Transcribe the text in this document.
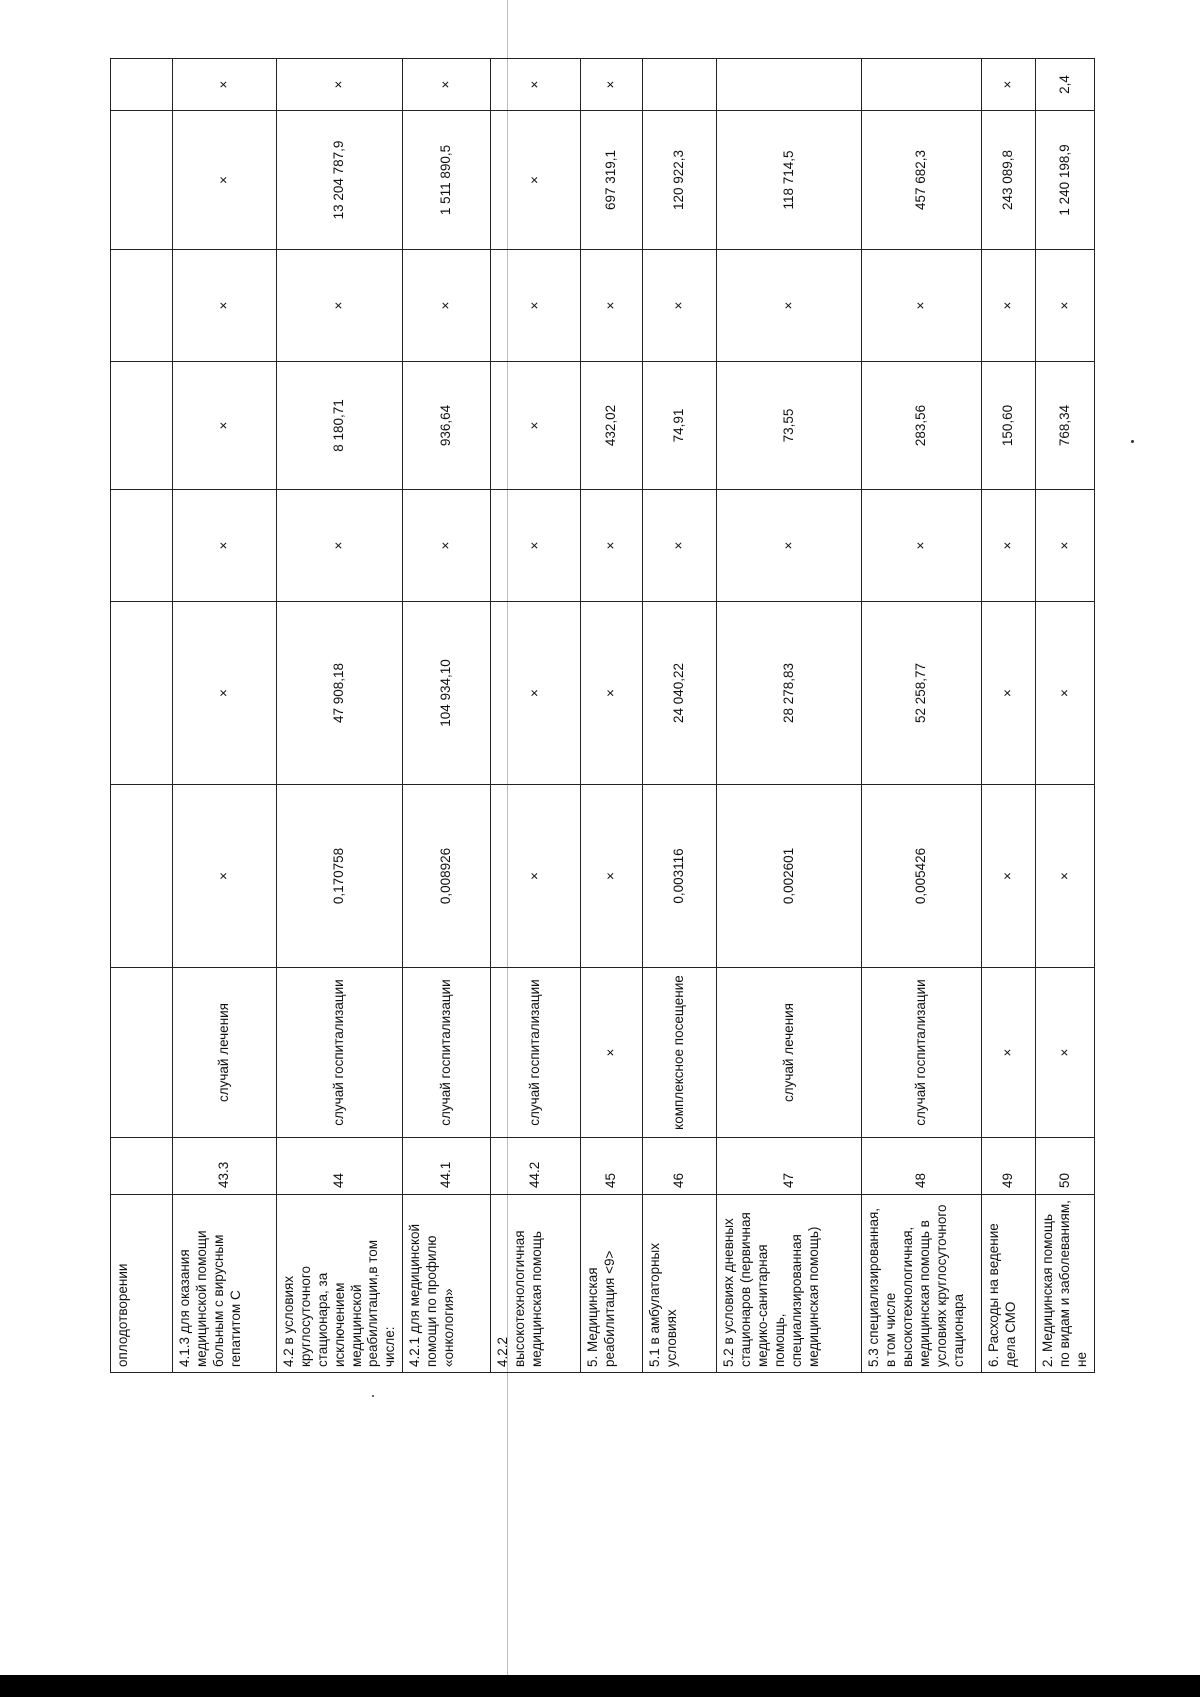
оплодотворении									
4.1.3 для оказания медицинской помощи больным с вирусным гепатитом С	43.3	случай лечения	×	×	×	×	×	×	×
4.2 в условиях круглосуточного стационара, за исключением медицинской реабилитации,в том числе:	44	случай госпитализации	0,170758	47 908,18	×	8 180,71	×	13 204 787,9	×
4.2.1 для медицинской помощи по профилю «онкология»	44.1	случай госпитализации	0,008926	104 934,10	×	936,64	×	1 511 890,5	×
4.2.2 высокотехнологичная медицинская помощь	44.2	случай госпитализации	×	×	×	×	×	×	×
5. Медицинская реабилитация <9>	45	×	×	×	×	432,02	×	697 319,1	×
5.1 в амбулаторных условиях	46	комплексное посещение	0,003116	24 040,22	×	74,91	×	120 922,3	
5.2 в условиях дневных стационаров (первичная медико-санитарная помощь, специализированная медицинская помощь)	47	случай лечения	0,002601	28 278,83	×	73,55	×	118 714,5	
5.3 специализированная, в том числе высокотехнологичная, медицинская помощь в условиях круглосуточного стационара	48	случай госпитализации	0,005426	52 258,77	×	283,56	×	457 682,3	
6. Расходы на ведение дела СМО	49	×	×	×	×	150,60	×	243 089,8	×
2. Медицинская помощь по видам и заболеваниям, не	50	×	×	×	×	768,34	×	1 240 198,9	2,4
